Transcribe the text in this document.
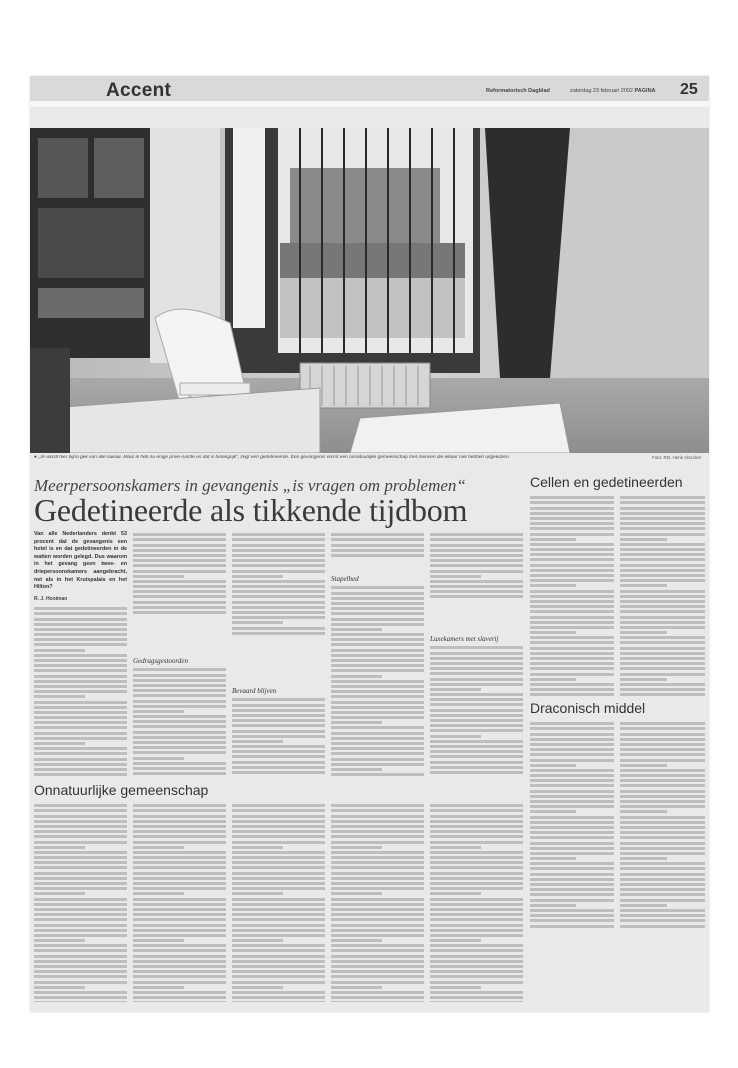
Accent	Reformatorisch Dagblad	zaterdag 23 februari 2002 PAGINA 25
● „Je wordt hier bijna gek van alle lawaai. Maar ik heb nu enige privé-ruimte en dat is belangrijk“, zegt een gedetineerde. Een gevangenis vormt een onnatuurlijke gemeenschap met mensen die elkaar niet hebben uitgekozen.	Foto: RD, Henk Visscher
Meerpersoonskamers in gevangenis „is vragen om problemen“
Gedetineerde als tikkende tijdbom

Van alle Nederlanders denkt 53 procent dat de gevangenis een hotel is en dat gedetineerden in de watten worden gelegd. Dus waarom in het gevang geen twee- en driepersoonskamers aangebracht, net als in het Kruispalais en het Hilton?

R. J. Hooiman

Gedragsgestoorden

Bevaard blijven

Stapelbed

Luxekamers met slaverij

Cellen en gedetineerden
Draconisch middel
Onnatuurlijke gemeenschap
